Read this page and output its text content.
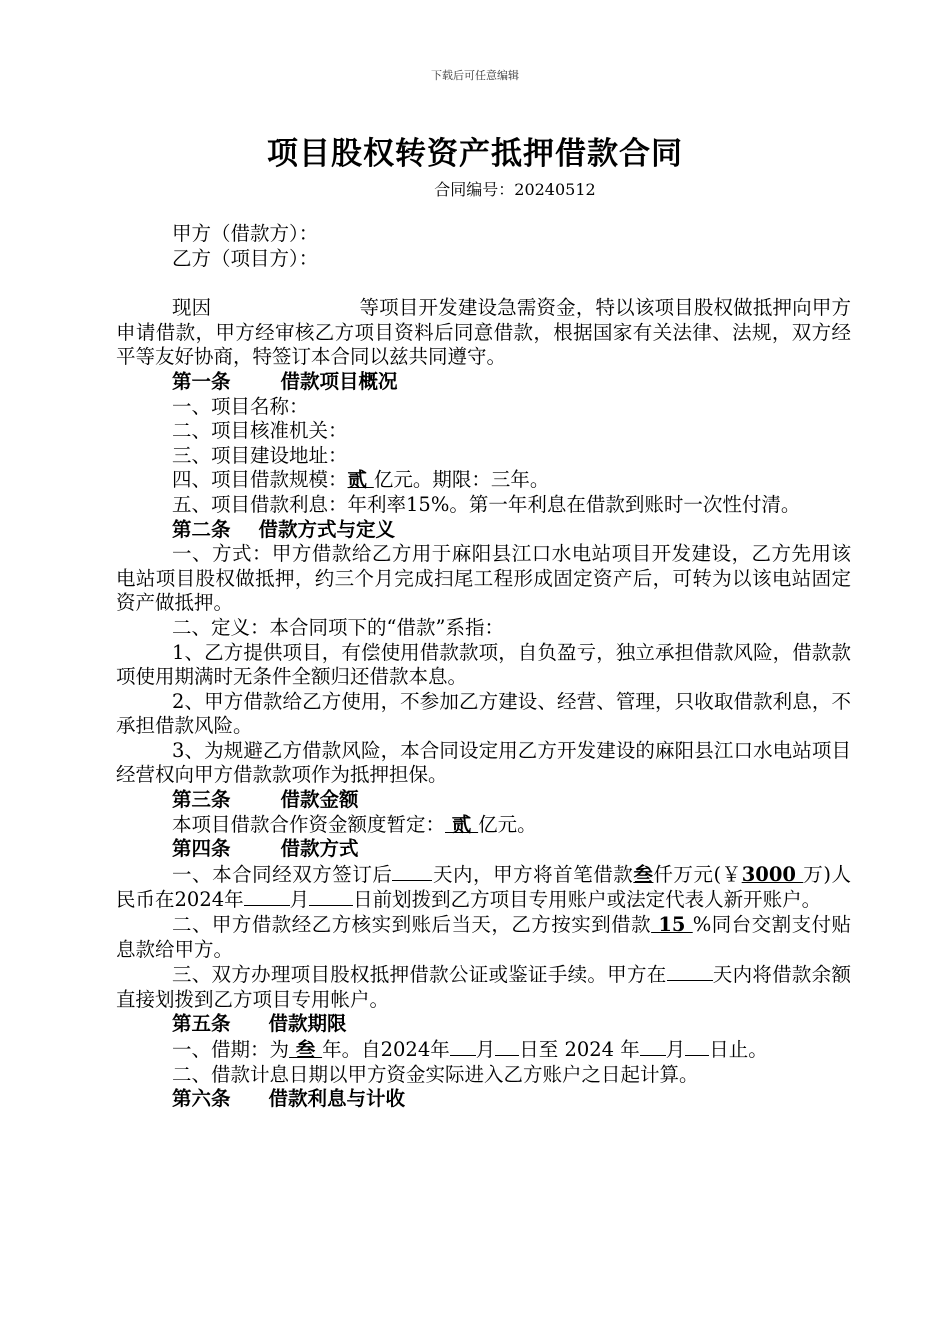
下载后可任意编辑
项目股权转资产抵押借款合同
合同编号：20240512

甲方（借款方）：

乙方（项目方）：

现因	等项目开发建设急需资金，特以该项目股权做抵押向甲方申请借款，甲方经审核乙方项目资料后同意借款，根据国家有关法律、法规，双方经平等友好协商，特签订本合同以兹共同遵守。

第一条	借款项目概况

一、项目名称：

二、项目核准机关：

三、项目建设地址：

四、项目借款规模：贰 亿元。期限：三年。

五、项目借款利息：年利率15%。第一年利息在借款到账时一次性付清。

第二条 借款方式与定义

一、方式：甲方借款给乙方用于麻阳县江口水电站项目开发建设，乙方先用该电站项目股权做抵押，约三个月完成扫尾工程形成固定资产后，可转为以该电站固定资产做抵押。

二、定义：本合同项下的“借款”系指：

1、乙方提供项目，有偿使用借款款项，自负盈亏，独立承担借款风险，借款款项使用期满时无条件全额归还借款本息。

2、甲方借款给乙方使用，不参加乙方建设、经营、管理，只收取借款利息，不承担借款风险。

3、为规避乙方借款风险，本合同设定用乙方开发建设的麻阳县江口水电站项目经营权向甲方借款款项作为抵押担保。

第三条	借款金额

本项目借款合作资金额度暂定： 贰 亿元。

第四条	借款方式

一、本合同经双方签订后 天内，甲方将首笔借款叁仟万元(￥3000 万)人民币在2024年 月 日前划拨到乙方项目专用账户或法定代表人新开账户。

二、甲方借款经乙方核实到账后当天，乙方按实到借款 15 %同台交割支付贴息款给甲方。

三、双方办理项目股权抵押借款公证或鉴证手续。甲方在 天内将借款余额直接划拨到乙方项目专用帐户。

第五条 借款期限

一、借期：为 叁 年。自2024年 月 日至 2024 年 月 日止。

二、借款计息日期以甲方资金实际进入乙方账户之日起计算。

第六条 借款利息与计收
